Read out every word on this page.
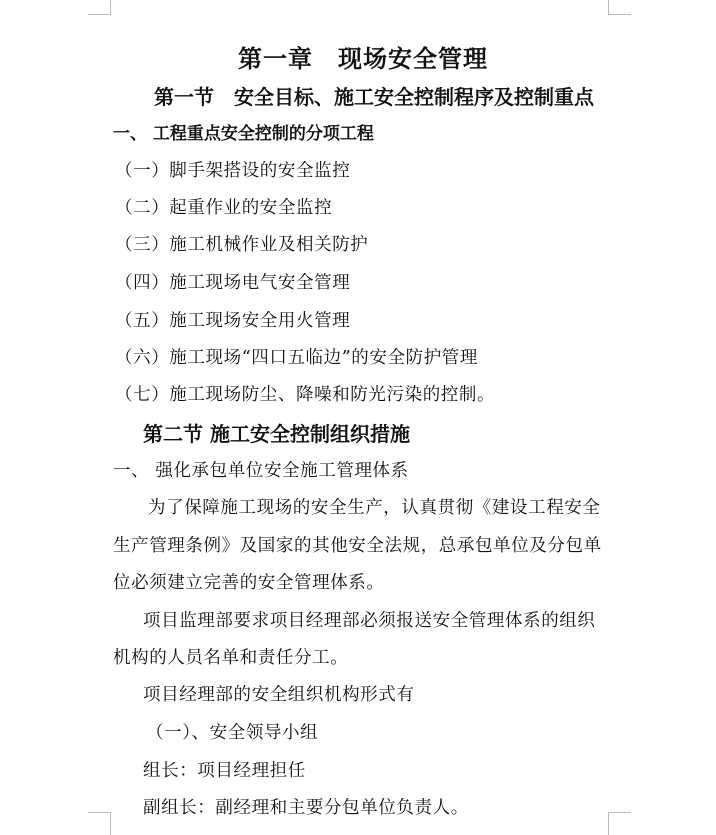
第一章　现场安全管理
第一节　安全目标、施工安全控制程序及控制重点
一、 工程重点安全控制的分项工程
（一）脚手架搭设的安全监控
（二）起重作业的安全监控
（三）施工机械作业及相关防护
（四）施工现场电气安全管理
（五）施工现场安全用火管理
（六）施工现场“四口五临边”的安全防护管理
（七）施工现场防尘、降噪和防光污染的控制。
第二节 施工安全控制组织措施
一、 强化承包单位安全施工管理体系
为了保障施工现场的安全生产，认真贯彻《建设工程安全
生产管理条例》及国家的其他安全法规，总承包单位及分包单
位必须建立完善的安全管理体系。
项目监理部要求项目经理部必须报送安全管理体系的组织
机构的人员名单和责任分工。
项目经理部的安全组织机构形式有
（一）、安全领导小组
组长：项目经理担任
副组长：副经理和主要分包单位负责人。
